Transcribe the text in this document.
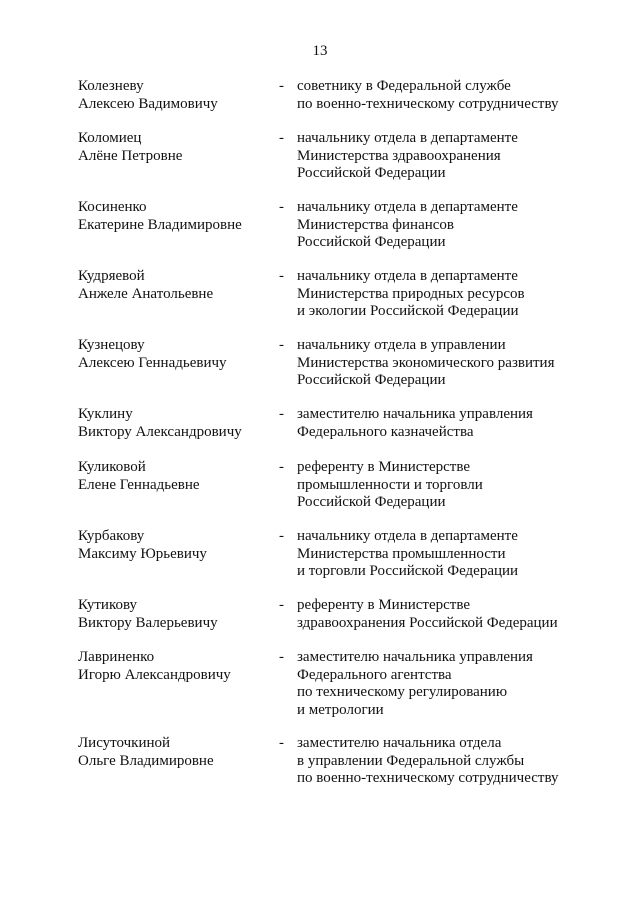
13
Колезневу
Алексею Вадимовичу
- советнику в Федеральной службе
по военно-техническому сотрудничеству
Коломиец
Алёне Петровне
- начальнику отдела в департаменте
Министерства здравоохранения
Российской Федерации
Косиненко
Екатерине Владимировне
- начальнику отдела в департаменте
Министерства финансов
Российской Федерации
Кудряевой
Анжеле Анатольевне
- начальнику отдела в департаменте
Министерства природных ресурсов
и экологии Российской Федерации
Кузнецову
Алексею Геннадьевичу
- начальнику отдела в управлении
Министерства экономического развития
Российской Федерации
Куклину
Виктору Александровичу
- заместителю начальника управления
Федерального казначейства
Куликовой
Елене Геннадьевне
- референту в Министерстве
промышленности и торговли
Российской Федерации
Курбакову
Максиму Юрьевичу
- начальнику отдела в департаменте
Министерства промышленности
и торговли Российской Федерации
Кутикову
Виктору Валерьевичу
- референту в Министерстве
здравоохранения Российской Федерации
Лавриненко
Игорю Александровичу
- заместителю начальника управления
Федерального агентства
по техническому регулированию
и метрологии
Лисуточкиной
Ольге Владимировне
- заместителю начальника отдела
в управлении Федеральной службы
по военно-техническому сотрудничеству
